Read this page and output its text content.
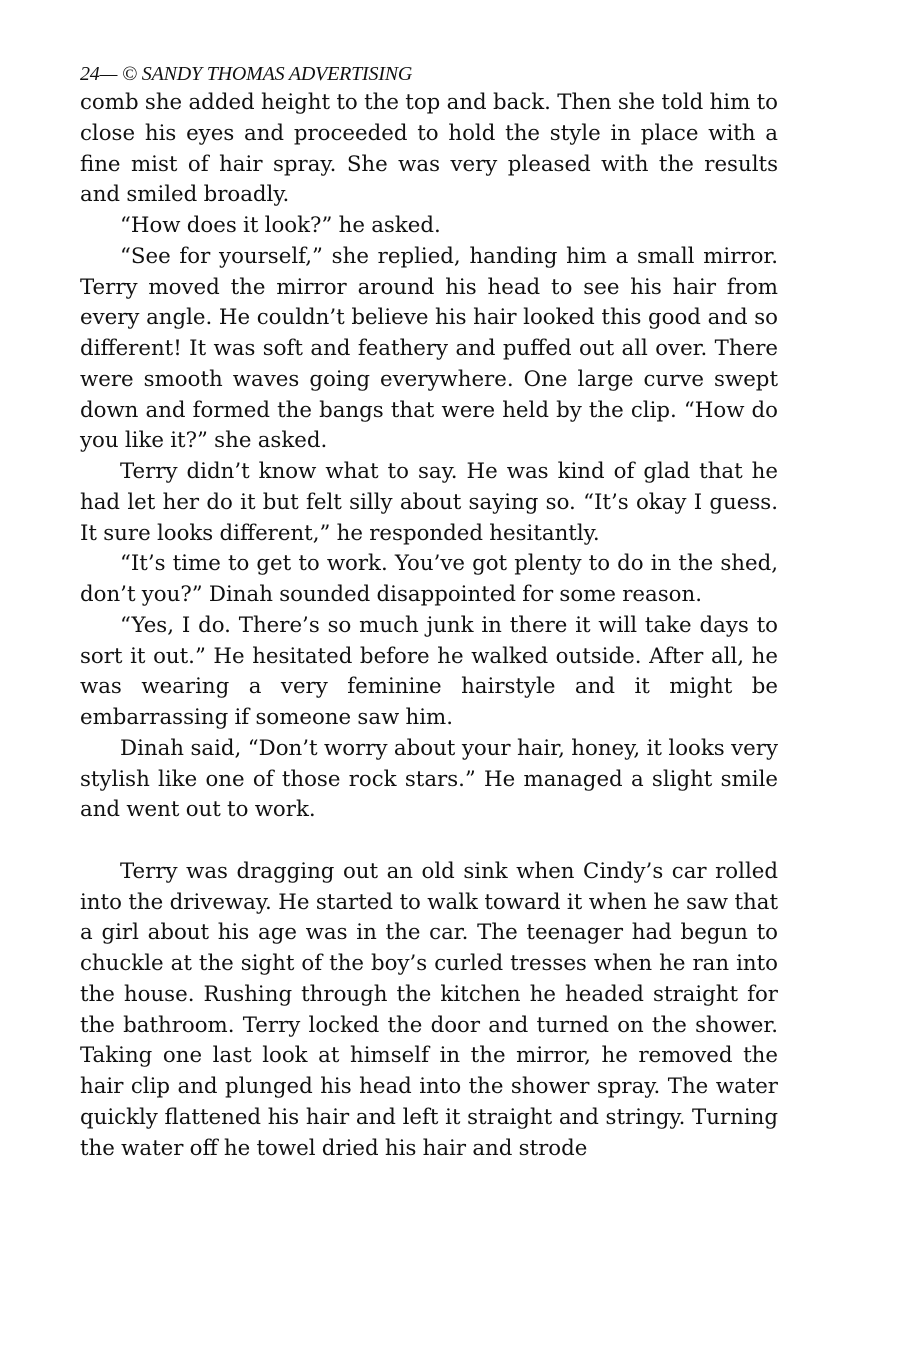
24— © SANDY THOMAS ADVERTISING

comb she added height to the top and back. Then she told him to close his eyes and proceeded to hold the style in place with a fine mist of hair spray. She was very pleased with the results and smiled broadly.

“How does it look?” he asked.

“See for yourself,” she replied, handing him a small mirror. Terry moved the mirror around his head to see his hair from every angle. He couldn’t believe his hair looked this good and so different! It was soft and feathery and puffed out all over. There were smooth waves going everywhere. One large curve swept down and formed the bangs that were held by the clip. “How do you like it?” she asked.

Terry didn’t know what to say. He was kind of glad that he had let her do it but felt silly about saying so. “It’s okay I guess. It sure looks different,” he responded hesitantly.

“It’s time to get to work. You’ve got plenty to do in the shed, don’t you?” Dinah sounded disappointed for some reason.

“Yes, I do. There’s so much junk in there it will take days to sort it out.” He hesitated before he walked outside. After all, he was wearing a very feminine hairstyle and it might be embarrassing if someone saw him.

Dinah said, “Don’t worry about your hair, honey, it looks very stylish like one of those rock stars.” He managed a slight smile and went out to work.

Terry was dragging out an old sink when Cindy’s car rolled into the driveway. He started to walk toward it when he saw that a girl about his age was in the car. The teenager had begun to chuckle at the sight of the boy’s curled tresses when he ran into the house. Rushing through the kitchen he headed straight for the bathroom. Terry locked the door and turned on the shower. Taking one last look at himself in the mirror, he removed the hair clip and plunged his head into the shower spray. The water quickly flattened his hair and left it straight and stringy. Turning the water off he towel dried his hair and strode
